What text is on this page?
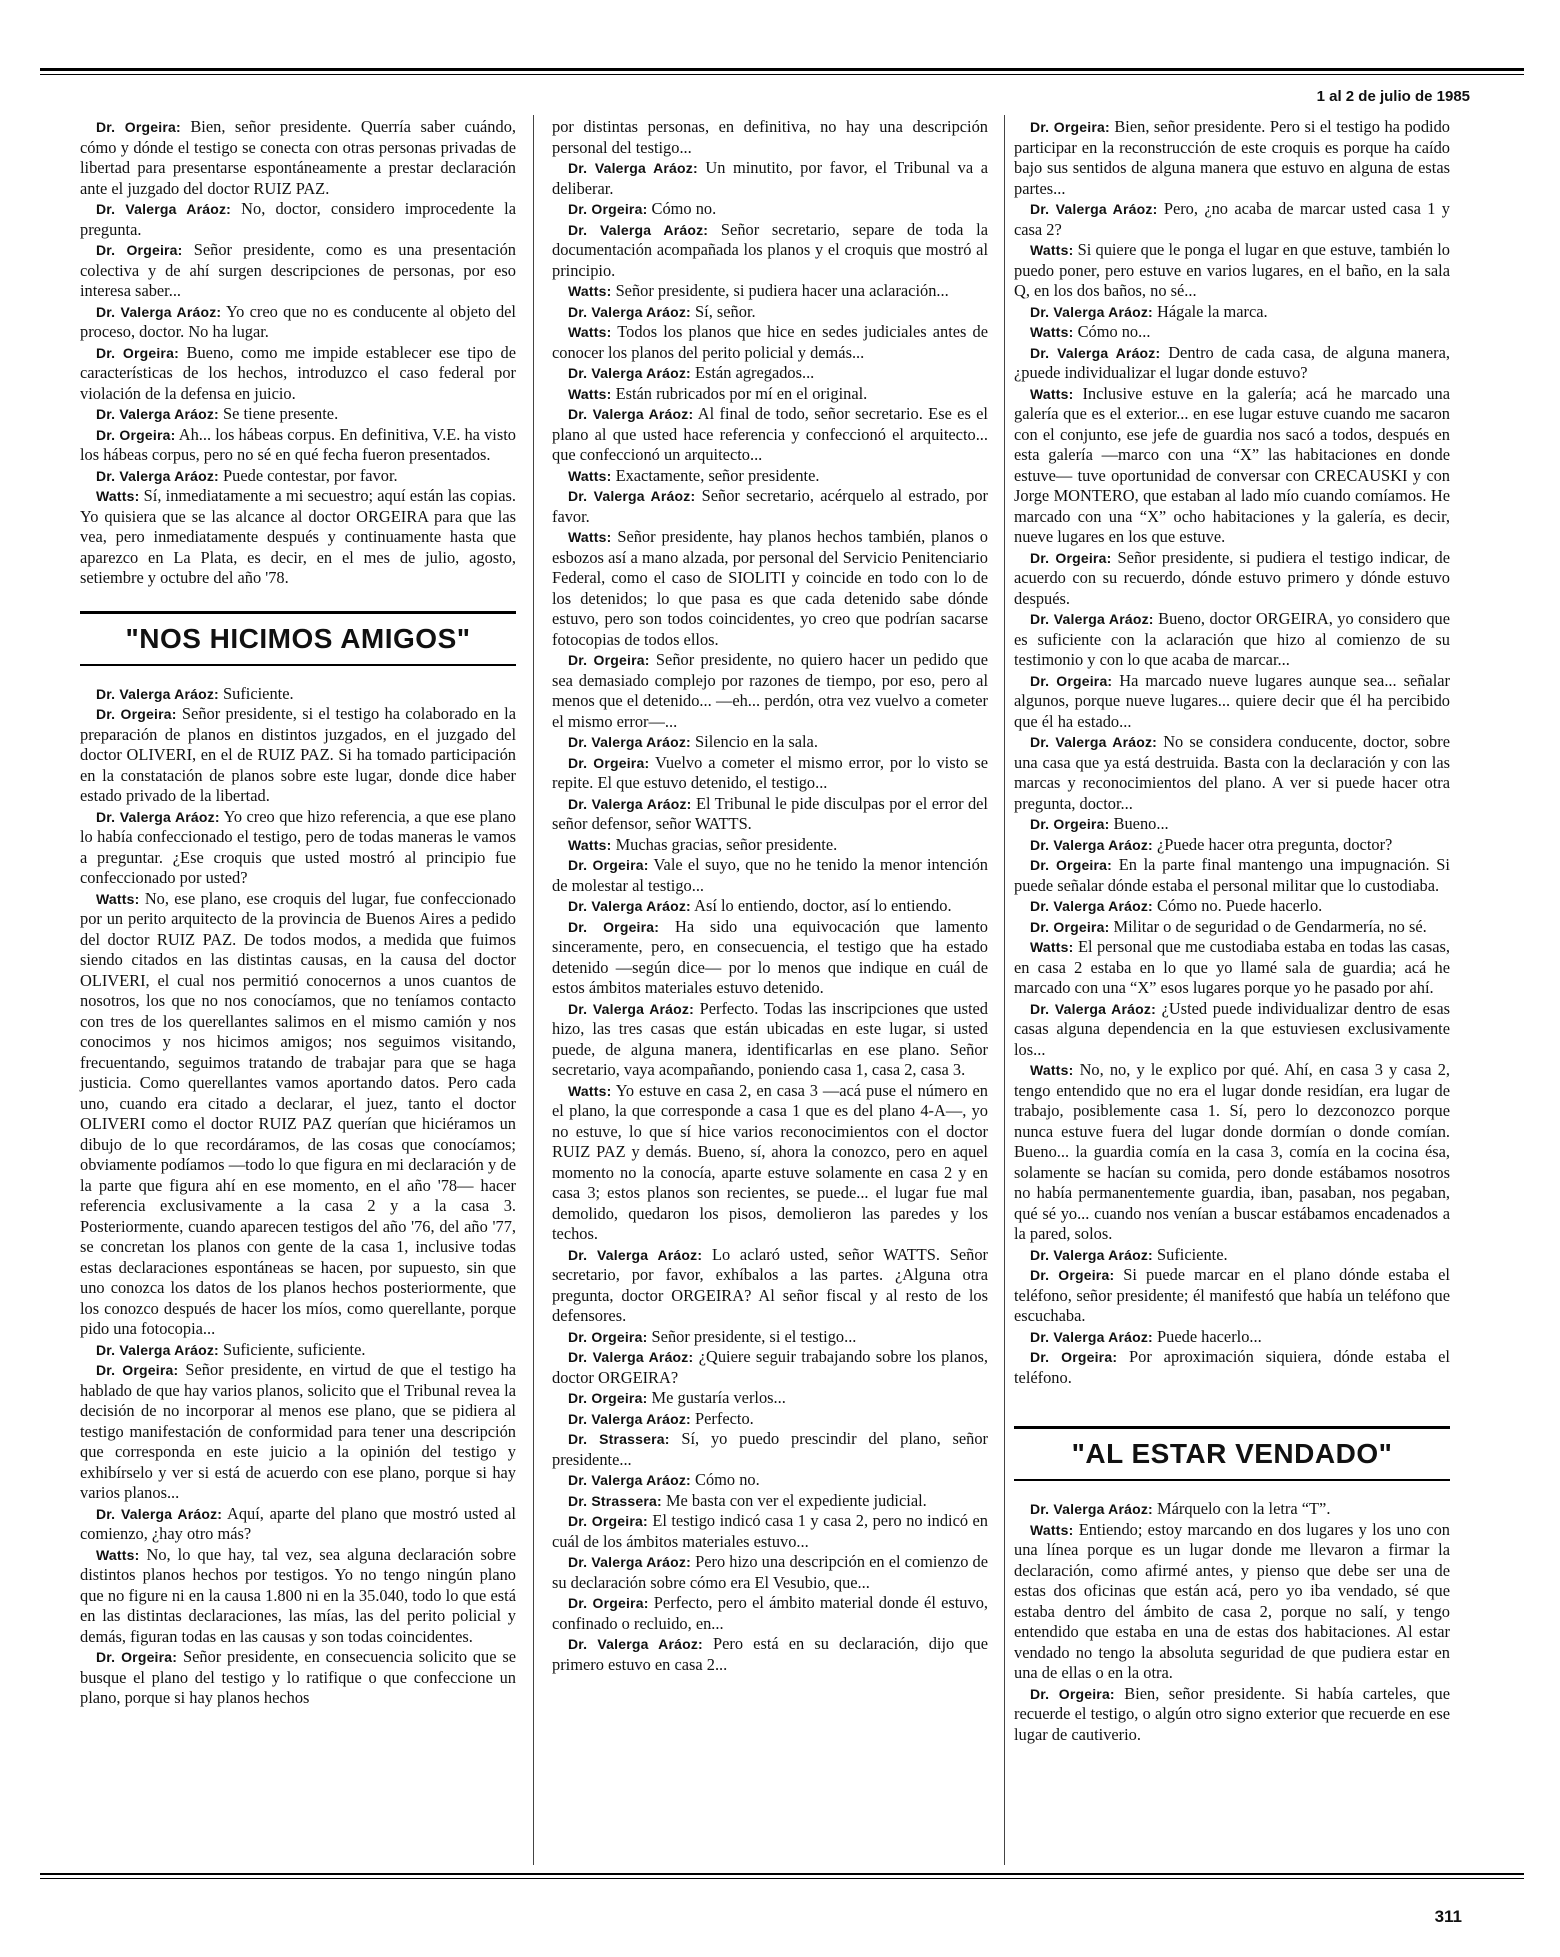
1 al 2 de julio de 1985

Dr. Orgeira: Bien, señor presidente. Querría saber cuándo, cómo y dónde el testigo se conecta con otras personas privadas de libertad para presentarse espontáneamente a prestar declaración ante el juzgado del doctor RUIZ PAZ.

Dr. Valerga Aráoz: No, doctor, considero improcedente la pregunta.

Dr. Orgeira: Señor presidente, como es una presentación colectiva y de ahí surgen descripciones de personas, por eso interesa saber...

Dr. Valerga Aráoz: Yo creo que no es conducente al objeto del proceso, doctor. No ha lugar.

Dr. Orgeira: Bueno, como me impide establecer ese tipo de características de los hechos, introduzco el caso federal por violación de la defensa en juicio.

Dr. Valerga Aráoz: Se tiene presente.

Dr. Orgeira: Ah... los hábeas corpus. En definitiva, V.E. ha visto los hábeas corpus, pero no sé en qué fecha fueron presentados.

Dr. Valerga Aráoz: Puede contestar, por favor.

Watts: Sí, inmediatamente a mi secuestro; aquí están las copias. Yo quisiera que se las alcance al doctor ORGEIRA para que las vea, pero inmediatamente después y continuamente hasta que aparezco en La Plata, es decir, en el mes de julio, agosto, setiembre y octubre del año '78.

"NOS HICIMOS AMIGOS"

Dr. Valerga Aráoz: Suficiente.

Dr. Orgeira: Señor presidente, si el testigo ha colaborado en la preparación de planos en distintos juzgados, en el juzgado del doctor OLIVERI, en el de RUIZ PAZ. Si ha tomado participación en la constatación de planos sobre este lugar, donde dice haber estado privado de la libertad.

Dr. Valerga Aráoz: Yo creo que hizo referencia, a que ese plano lo había confeccionado el testigo, pero de todas maneras le vamos a preguntar. ¿Ese croquis que usted mostró al principio fue confeccionado por usted?

Watts: No, ese plano, ese croquis del lugar, fue confeccionado por un perito arquitecto de la provincia de Buenos Aires a pedido del doctor RUIZ PAZ. De todos modos, a medida que fuimos siendo citados en las distintas causas, en la causa del doctor OLIVERI, el cual nos permitió conocernos a unos cuantos de nosotros, los que no nos conocíamos, que no teníamos contacto con tres de los querellantes salimos en el mismo camión y nos conocimos y nos hicimos amigos; nos seguimos visitando, frecuentando, seguimos tratando de trabajar para que se haga justicia. Como querellantes vamos aportando datos. Pero cada uno, cuando era citado a declarar, el juez, tanto el doctor OLIVERI como el doctor RUIZ PAZ querían que hiciéramos un dibujo de lo que recordáramos, de las cosas que conocíamos; obviamente podíamos —todo lo que figura en mi declaración y de la parte que figura ahí en ese momento, en el año '78— hacer referencia exclusivamente a la casa 2 y a la casa 3. Posteriormente, cuando aparecen testigos del año '76, del año '77, se concretan los planos con gente de la casa 1, inclusive todas estas declaraciones espontáneas se hacen, por supuesto, sin que uno conozca los datos de los planos hechos posteriormente, que los conozco después de hacer los míos, como querellante, porque pido una fotocopia...

Dr. Valerga Aráoz: Suficiente, suficiente.

Dr. Orgeira: Señor presidente, en virtud de que el testigo ha hablado de que hay varios planos, solicito que el Tribunal revea la decisión de no incorporar al menos ese plano, que se pidiera al testigo manifestación de conformidad para tener una descripción que corresponda en este juicio a la opinión del testigo y exhibírselo y ver si está de acuerdo con ese plano, porque si hay varios planos...

Dr. Valerga Aráoz: Aquí, aparte del plano que mostró usted al comienzo, ¿hay otro más?

Watts: No, lo que hay, tal vez, sea alguna declaración sobre distintos planos hechos por testigos. Yo no tengo ningún plano que no figure ni en la causa 1.800 ni en la 35.040, todo lo que está en las distintas declaraciones, las mías, las del perito policial y demás, figuran todas en las causas y son todas coincidentes.

Dr. Orgeira: Señor presidente, en consecuencia solicito que se busque el plano del testigo y lo ratifique o que confeccione un plano, porque si hay planos hechos

por distintas personas, en definitiva, no hay una descripción personal del testigo...

Dr. Valerga Aráoz: Un minutito, por favor, el Tribunal va a deliberar.

Dr. Orgeira: Cómo no.

Dr. Valerga Aráoz: Señor secretario, separe de toda la documentación acompañada los planos y el croquis que mostró al principio.

Watts: Señor presidente, si pudiera hacer una aclaración...

Dr. Valerga Aráoz: Sí, señor.

Watts: Todos los planos que hice en sedes judiciales antes de conocer los planos del perito policial y demás...

Dr. Valerga Aráoz: Están agregados...

Watts: Están rubricados por mí en el original.

Dr. Valerga Aráoz: Al final de todo, señor secretario. Ese es el plano al que usted hace referencia y confeccionó el arquitecto... que confeccionó un arquitecto...

Watts: Exactamente, señor presidente.

Dr. Valerga Aráoz: Señor secretario, acérquelo al estrado, por favor.

Watts: Señor presidente, hay planos hechos también, planos o esbozos así a mano alzada, por personal del Servicio Penitenciario Federal, como el caso de SIOLITI y coincide en todo con lo de los detenidos; lo que pasa es que cada detenido sabe dónde estuvo, pero son todos coincidentes, yo creo que podrían sacarse fotocopias de todos ellos.

Dr. Orgeira: Señor presidente, no quiero hacer un pedido que sea demasiado complejo por razones de tiempo, por eso, pero al menos que el detenido... —eh... perdón, otra vez vuelvo a cometer el mismo error—...

Dr. Valerga Aráoz: Silencio en la sala.

Dr. Orgeira: Vuelvo a cometer el mismo error, por lo visto se repite. El que estuvo detenido, el testigo...

Dr. Valerga Aráoz: El Tribunal le pide disculpas por el error del señor defensor, señor WATTS.

Watts: Muchas gracias, señor presidente.

Dr. Orgeira: Vale el suyo, que no he tenido la menor intención de molestar al testigo...

Dr. Valerga Aráoz: Así lo entiendo, doctor, así lo entiendo.

Dr. Orgeira: Ha sido una equivocación que lamento sinceramente, pero, en consecuencia, el testigo que ha estado detenido —según dice— por lo menos que indique en cuál de estos ámbitos materiales estuvo detenido.

Dr. Valerga Aráoz: Perfecto. Todas las inscripciones que usted hizo, las tres casas que están ubicadas en este lugar, si usted puede, de alguna manera, identificarlas en ese plano. Señor secretario, vaya acompañando, poniendo casa 1, casa 2, casa 3.

Watts: Yo estuve en casa 2, en casa 3 —acá puse el número en el plano, la que corresponde a casa 1 que es del plano 4-A—, yo no estuve, lo que sí hice varios reconocimientos con el doctor RUIZ PAZ y demás. Bueno, sí, ahora la conozco, pero en aquel momento no la conocía, aparte estuve solamente en casa 2 y en casa 3; estos planos son recientes, se puede... el lugar fue mal demolido, quedaron los pisos, demolieron las paredes y los techos.

Dr. Valerga Aráoz: Lo aclaró usted, señor WATTS. Señor secretario, por favor, exhíbalos a las partes. ¿Alguna otra pregunta, doctor ORGEIRA? Al señor fiscal y al resto de los defensores.

Dr. Orgeira: Señor presidente, si el testigo...

Dr. Valerga Aráoz: ¿Quiere seguir trabajando sobre los planos, doctor ORGEIRA?

Dr. Orgeira: Me gustaría verlos...

Dr. Valerga Aráoz: Perfecto.

Dr. Strassera: Sí, yo puedo prescindir del plano, señor presidente...

Dr. Valerga Aráoz: Cómo no.

Dr. Strassera: Me basta con ver el expediente judicial.

Dr. Orgeira: El testigo indicó casa 1 y casa 2, pero no indicó en cuál de los ámbitos materiales estuvo...

Dr. Valerga Aráoz: Pero hizo una descripción en el comienzo de su declaración sobre cómo era El Vesubio, que...

Dr. Orgeira: Perfecto, pero el ámbito material donde él estuvo, confinado o recluido, en...

Dr. Valerga Aráoz: Pero está en su declaración, dijo que primero estuvo en casa 2...

Dr. Orgeira: Bien, señor presidente. Pero si el testigo ha podido participar en la reconstrucción de este croquis es porque ha caído bajo sus sentidos de alguna manera que estuvo en alguna de estas partes...

Dr. Valerga Aráoz: Pero, ¿no acaba de marcar usted casa 1 y casa 2?

Watts: Si quiere que le ponga el lugar en que estuve, también lo puedo poner, pero estuve en varios lugares, en el baño, en la sala Q, en los dos baños, no sé...

Dr. Valerga Aráoz: Hágale la marca.

Watts: Cómo no...

Dr. Valerga Aráoz: Dentro de cada casa, de alguna manera, ¿puede individualizar el lugar donde estuvo?

Watts: Inclusive estuve en la galería; acá he marcado una galería que es el exterior... en ese lugar estuve cuando me sacaron con el conjunto, ese jefe de guardia nos sacó a todos, después en esta galería —marco con una “X” las habitaciones en donde estuve— tuve oportunidad de conversar con CRECAUSKI y con Jorge MONTERO, que estaban al lado mío cuando comíamos. He marcado con una “X” ocho habitaciones y la galería, es decir, nueve lugares en los que estuve.

Dr. Orgeira: Señor presidente, si pudiera el testigo indicar, de acuerdo con su recuerdo, dónde estuvo primero y dónde estuvo después.

Dr. Valerga Aráoz: Bueno, doctor ORGEIRA, yo considero que es suficiente con la aclaración que hizo al comienzo de su testimonio y con lo que acaba de marcar...

Dr. Orgeira: Ha marcado nueve lugares aunque sea... señalar algunos, porque nueve lugares... quiere decir que él ha percibido que él ha estado...

Dr. Valerga Aráoz: No se considera conducente, doctor, sobre una casa que ya está destruida. Basta con la declaración y con las marcas y reconocimientos del plano. A ver si puede hacer otra pregunta, doctor...

Dr. Orgeira: Bueno...

Dr. Valerga Aráoz: ¿Puede hacer otra pregunta, doctor?

Dr. Orgeira: En la parte final mantengo una impugnación. Si puede señalar dónde estaba el personal militar que lo custodiaba.

Dr. Valerga Aráoz: Cómo no. Puede hacerlo.

Dr. Orgeira: Militar o de seguridad o de Gendarmería, no sé.

Watts: El personal que me custodiaba estaba en todas las casas, en casa 2 estaba en lo que yo llamé sala de guardia; acá he marcado con una “X” esos lugares porque yo he pasado por ahí.

Dr. Valerga Aráoz: ¿Usted puede individualizar dentro de esas casas alguna dependencia en la que estuviesen exclusivamente los...

Watts: No, no, y le explico por qué. Ahí, en casa 3 y casa 2, tengo entendido que no era el lugar donde residían, era lugar de trabajo, posiblemente casa 1. Sí, pero lo dezconozco porque nunca estuve fuera del lugar donde dormían o donde comían. Bueno... la guardia comía en la casa 3, comía en la cocina ésa, solamente se hacían su comida, pero donde estábamos nosotros no había permanentemente guardia, iban, pasaban, nos pegaban, qué sé yo... cuando nos venían a buscar estábamos encadenados a la pared, solos.

Dr. Valerga Aráoz: Suficiente.

Dr. Orgeira: Si puede marcar en el plano dónde estaba el teléfono, señor presidente; él manifestó que había un teléfono que escuchaba.

Dr. Valerga Aráoz: Puede hacerlo...

Dr. Orgeira: Por aproximación siquiera, dónde estaba el teléfono.

"AL ESTAR VENDADO"

Dr. Valerga Aráoz: Márquelo con la letra “T”.

Watts: Entiendo; estoy marcando en dos lugares y los uno con una línea porque es un lugar donde me llevaron a firmar la declaración, como afirmé antes, y pienso que debe ser una de estas dos oficinas que están acá, pero yo iba vendado, sé que estaba dentro del ámbito de casa 2, porque no salí, y tengo entendido que estaba en una de estas dos habitaciones. Al estar vendado no tengo la absoluta seguridad de que pudiera estar en una de ellas o en la otra.

Dr. Orgeira: Bien, señor presidente. Si había carteles, que recuerde el testigo, o algún otro signo exterior que recuerde en ese lugar de cautiverio.

311
